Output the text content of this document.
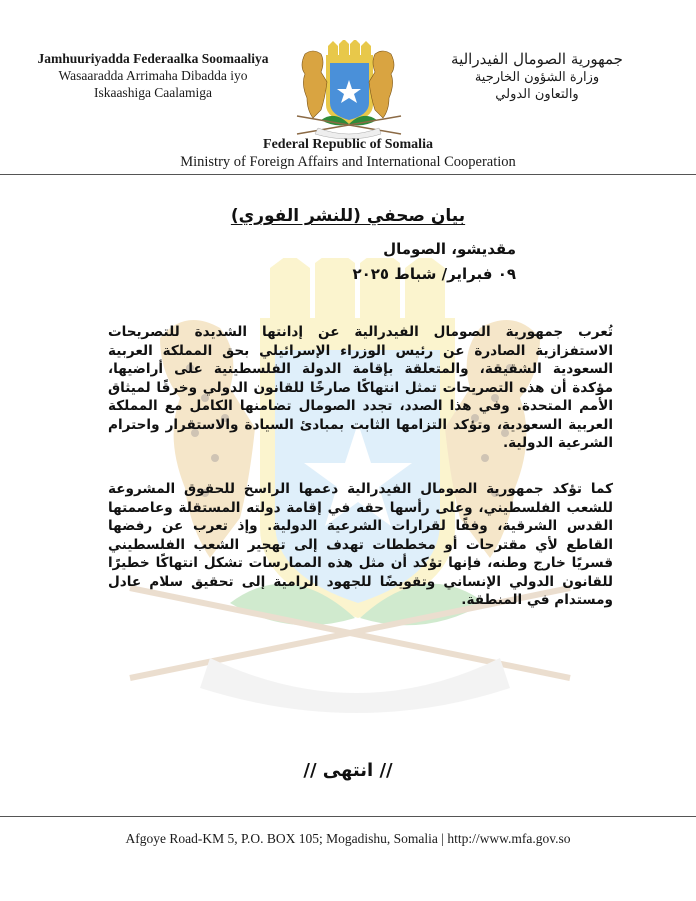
Jamhuuriyadda Federaalka Soomaaliya
Wasaaradda Arrimaha Dibadda iyo
Iskaashiga Caalamiga
جمهورية الصومال الفيدرالية
وزارة الشؤون الخارجية
والتعاون الدولي
Federal Republic of Somalia
Ministry of Foreign Affairs and International Cooperation
بيان صحفي (للنشر الفوري)
مقديشو، الصومال
٠٩ فبراير/ شباط ٢٠٢٥
تُعرب جمهورية الصومال الفيدرالية عن إدانتها الشديدة للتصريحات الاستفزازية الصادرة عن رئيس الوزراء الإسرائيلي بحق المملكة العربية السعودية الشقيقة، والمتعلقة بإقامة الدولة الفلسطينية على أراضيها، مؤكدة أن هذه التصريحات تمثل انتهاكًا صارخًا للقانون الدولي وخرقًا لميثاق الأمم المتحدة. وفي هذا الصدد، تجدد الصومال تضامنها الكامل مع المملكة العربية السعودية، وتؤكد التزامها الثابت بمبادئ السيادة والاستقرار واحترام الشرعية الدولية.
كما تؤكد جمهورية الصومال الفيدرالية دعمها الراسخ للحقوق المشروعة للشعب الفلسطيني، وعلى رأسها حقه في إقامة دولته المستقلة وعاصمتها القدس الشرقية، وفقًا لقرارات الشرعية الدولية. وإذ تعرب عن رفضها القاطع لأي مقترحات أو مخططات تهدف إلى تهجير الشعب الفلسطيني قسريًا خارج وطنه، فإنها تؤكد أن مثل هذه الممارسات تشكل انتهاكًا خطيرًا للقانون الدولي الإنساني وتقويضًا للجهود الرامية إلى تحقيق سلام عادل ومستدام في المنطقة.
// انتهى //
Afgoye Road-KM 5, P.O. BOX 105; Mogadishu, Somalia | http://www.mfa.gov.so
